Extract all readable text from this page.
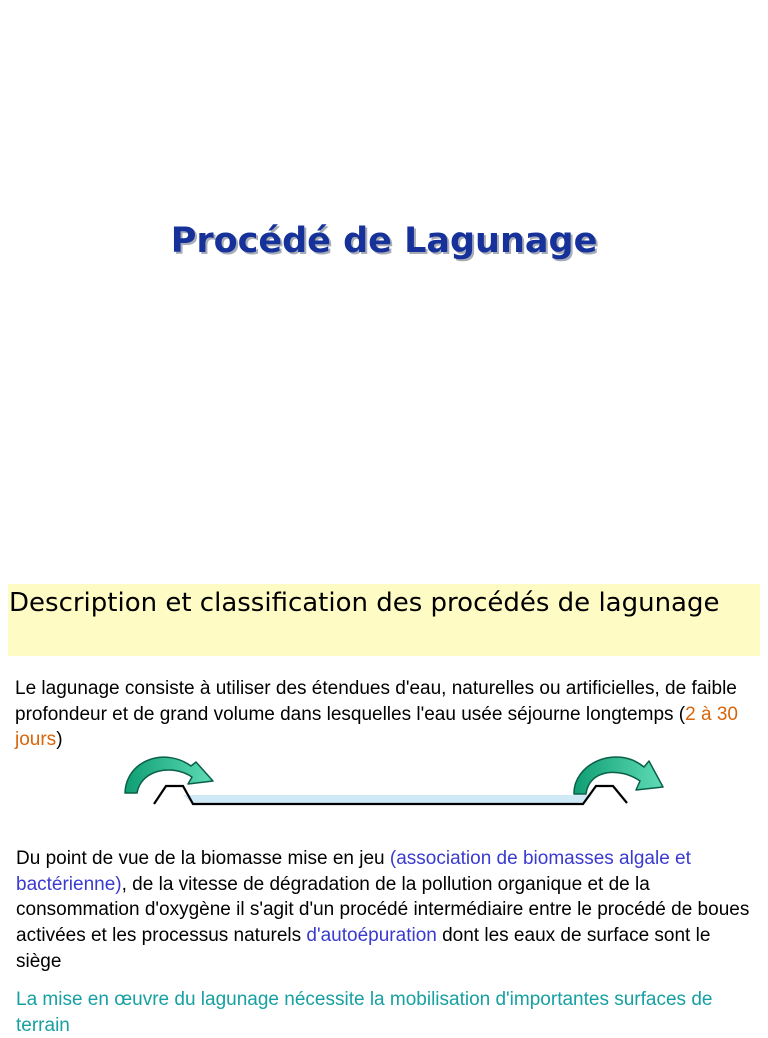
Procédé de Lagunage
Description et classification des procédés de lagunage

Le lagunage consiste à utiliser des étendues d'eau, naturelles ou artificielles, de faible profondeur et de grand volume dans lesquelles l'eau usée séjourne longtemps (2 à 30 jours)

Du point de vue de la biomasse mise en jeu (association de biomasses algale et bactérienne), de la vitesse de dégradation de la pollution organique et de la consommation d'oxygène il s'agit d'un procédé intermédiaire entre le procédé de boues activées et les processus naturels d'autoépuration dont les eaux de surface sont le siège

La mise en œuvre du lagunage nécessite la mobilisation d'importantes surfaces de terrain
